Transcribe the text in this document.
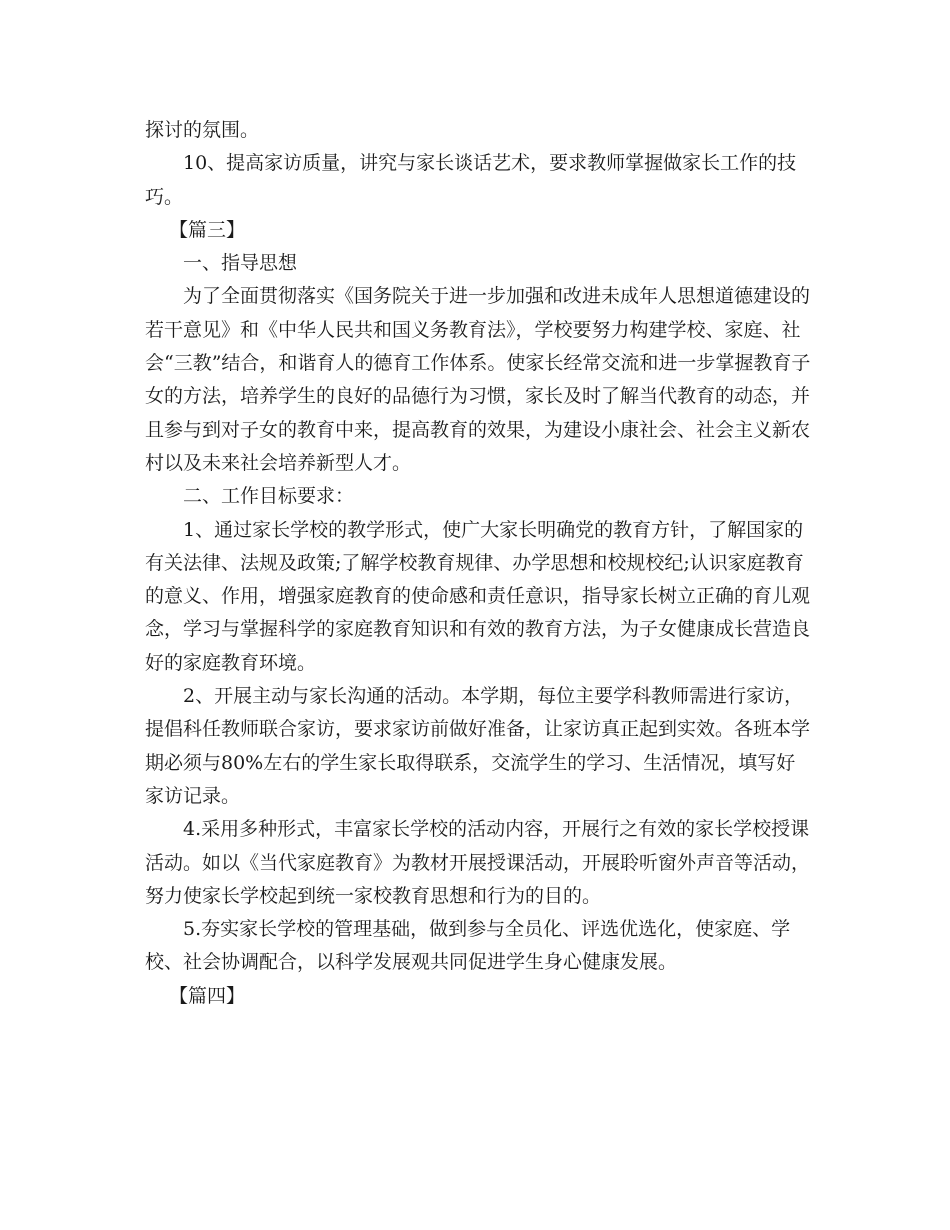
探讨的氛围。

10、提高家访质量，讲究与家长谈话艺术，要求教师掌握做家长工作的技巧。

【篇三】

一、指导思想

为了全面贯彻落实《国务院关于进一步加强和改进未成年人思想道德建设的若干意见》和《中华人民共和国义务教育法》，学校要努力构建学校、家庭、社会“三教”结合，和谐育人的德育工作体系。使家长经常交流和进一步掌握教育子女的方法，培养学生的良好的品德行为习惯，家长及时了解当代教育的动态，并且参与到对子女的教育中来，提高教育的效果，为建设小康社会、社会主义新农村以及未来社会培养新型人才。

二、工作目标要求：

1、通过家长学校的教学形式，使广大家长明确党的教育方针，了解国家的有关法律、法规及政策;了解学校教育规律、办学思想和校规校纪;认识家庭教育的意义、作用，增强家庭教育的使命感和责任意识，指导家长树立正确的育儿观念，学习与掌握科学的家庭教育知识和有效的教育方法，为子女健康成长营造良好的家庭教育环境。

2、开展主动与家长沟通的活动。本学期，每位主要学科教师需进行家访，提倡科任教师联合家访，要求家访前做好准备，让家访真正起到实效。各班本学期必须与80%左右的学生家长取得联系，交流学生的学习、生活情况，填写好家访记录。

4.采用多种形式，丰富家长学校的活动内容，开展行之有效的家长学校授课活动。如以《当代家庭教育》为教材开展授课活动，开展聆听窗外声音等活动，努力使家长学校起到统一家校教育思想和行为的目的。

5.夯实家长学校的管理基础，做到参与全员化、评选优选化，使家庭、学校、社会协调配合，以科学发展观共同促进学生身心健康发展。

【篇四】
